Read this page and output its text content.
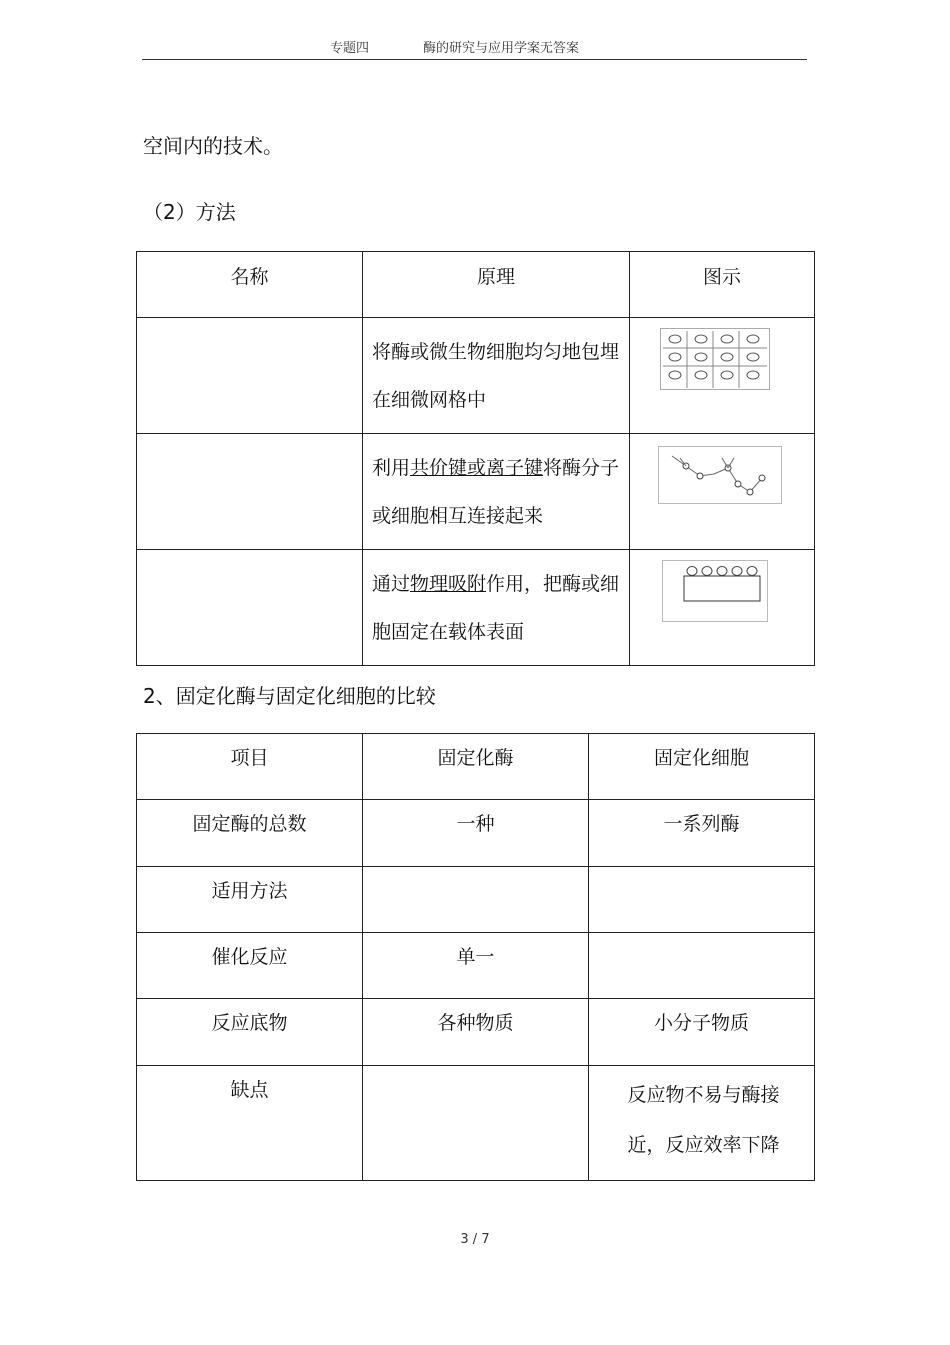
专题四	酶的研究与应用学案无答案
空间内的技术。
（2）方法
名称	原理	图示
	将酶或微生物细胞均匀地包埋在细微网格中	

	利用共价键或离子键将酶分子或细胞相互连接起来	

	通过物理吸附作用，把酶或细胞固定在载体表面	
2、固定化酶与固定化细胞的比较
项目	固定化酶	固定化细胞
固定酶的总数	一种	一系列酶
适用方法		
催化反应	单一	
反应底物	各种物质	小分子物质
缺点		反应物不易与酶接近，反应效率下降
3 / 7
